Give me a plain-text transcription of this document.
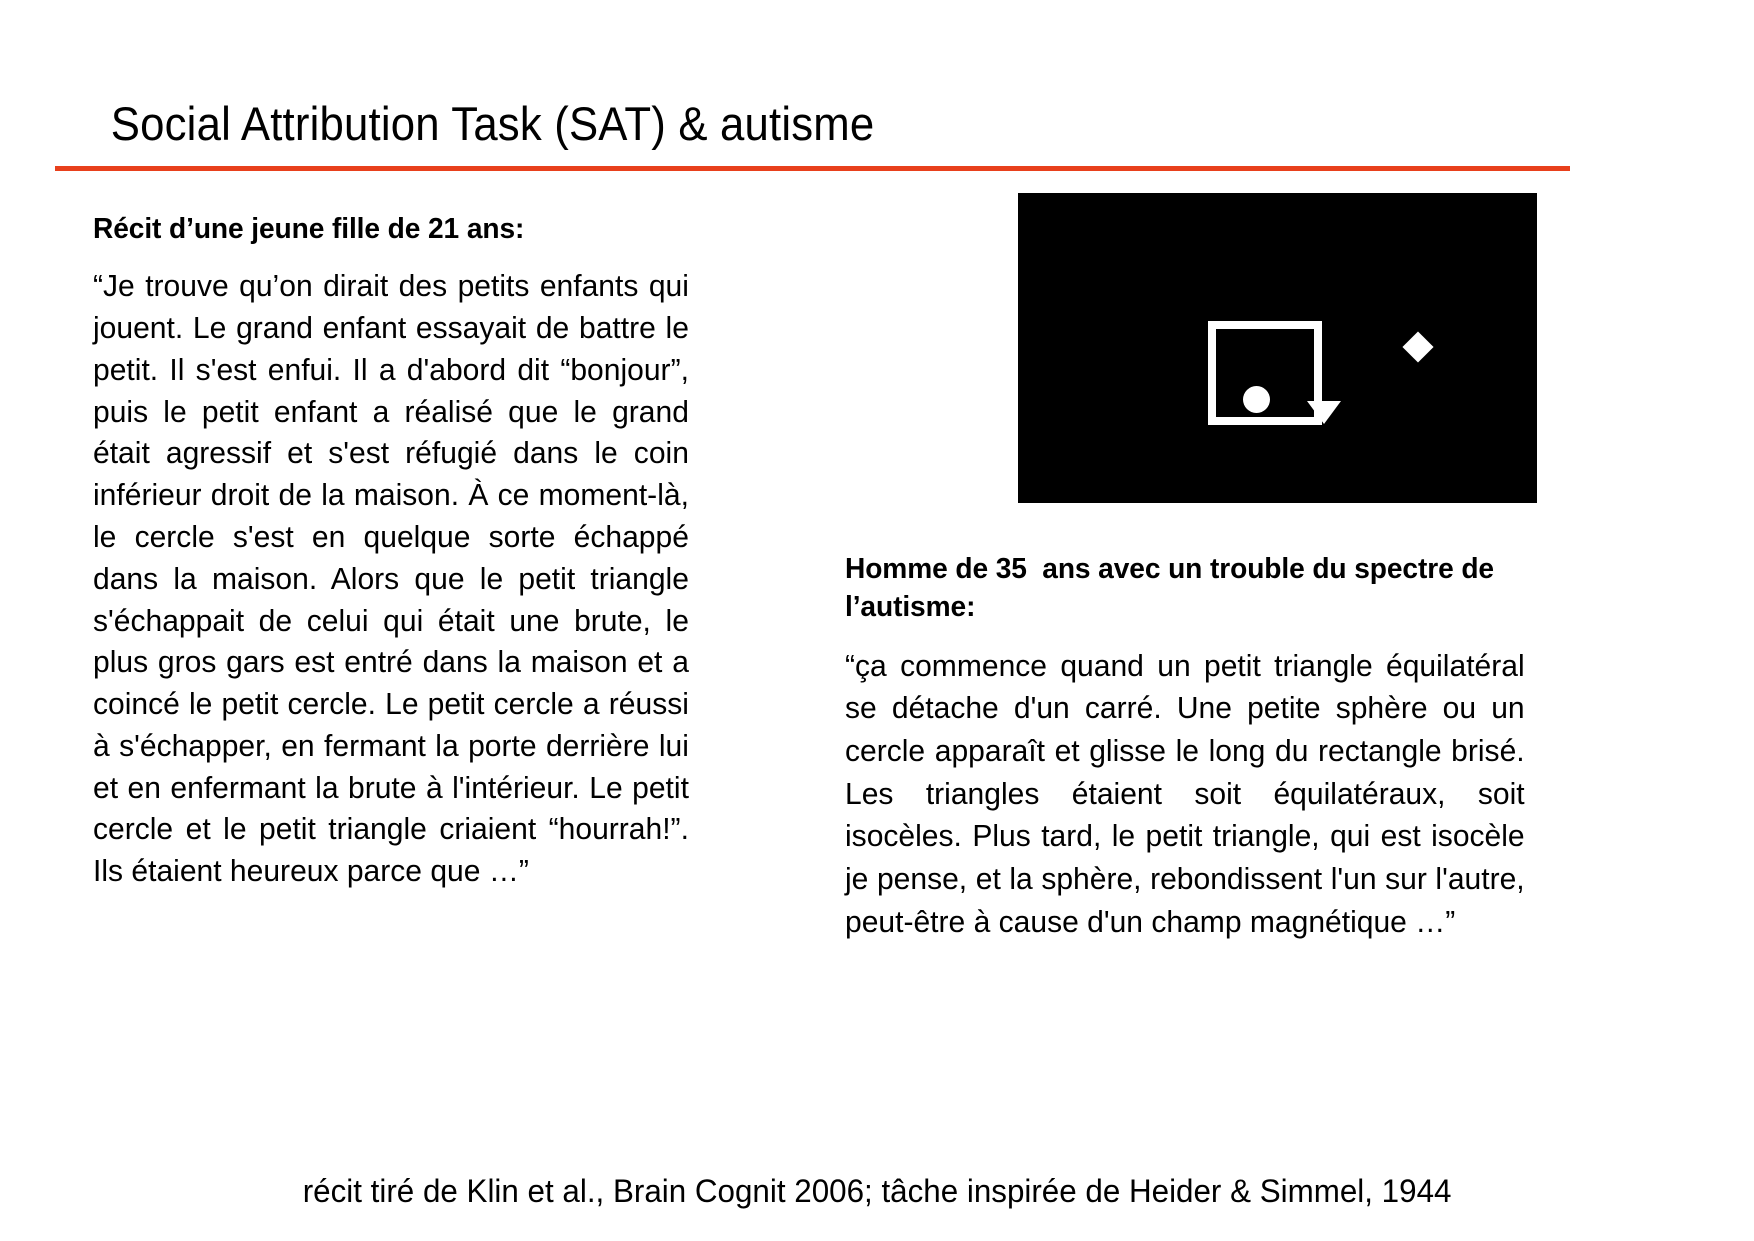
Social Attribution Task (SAT) & autisme
Récit d’une jeune fille de 21 ans:

“Je trouve qu’on dirait des petits enfants qui jouent. Le grand enfant essayait de battre le petit. Il s'est enfui. Il a d'abord dit “bonjour”, puis le petit enfant a réalisé que le grand était agressif et s'est réfugié dans le coin inférieur droit de la maison. À ce moment-là, le cercle s'est en quelque sorte échappé dans la maison. Alors que le petit triangle s'échappait de celui qui était une brute, le plus gros gars est entré dans la maison et a coincé le petit cercle. Le petit cercle a réussi à s'échapper, en fermant la porte derrière lui et en enfermant la brute à l'intérieur. Le petit cercle et le petit triangle criaient “hourrah!”. Ils étaient heureux parce que …”

Homme de 35  ans avec un trouble du spectre de l’autisme:

“ça commence quand un petit triangle équilatéral se détache d'un carré. Une petite sphère ou un cercle apparaît et glisse le long du rectangle brisé. Les triangles étaient soit équilatéraux, soit isocèles. Plus tard, le petit triangle, qui est isocèle je pense, et la sphère, rebondissent l'un sur l'autre, peut-être à cause d'un champ magnétique …”

récit tiré de Klin et al., Brain Cognit 2006; tâche inspirée de Heider & Simmel, 1944
